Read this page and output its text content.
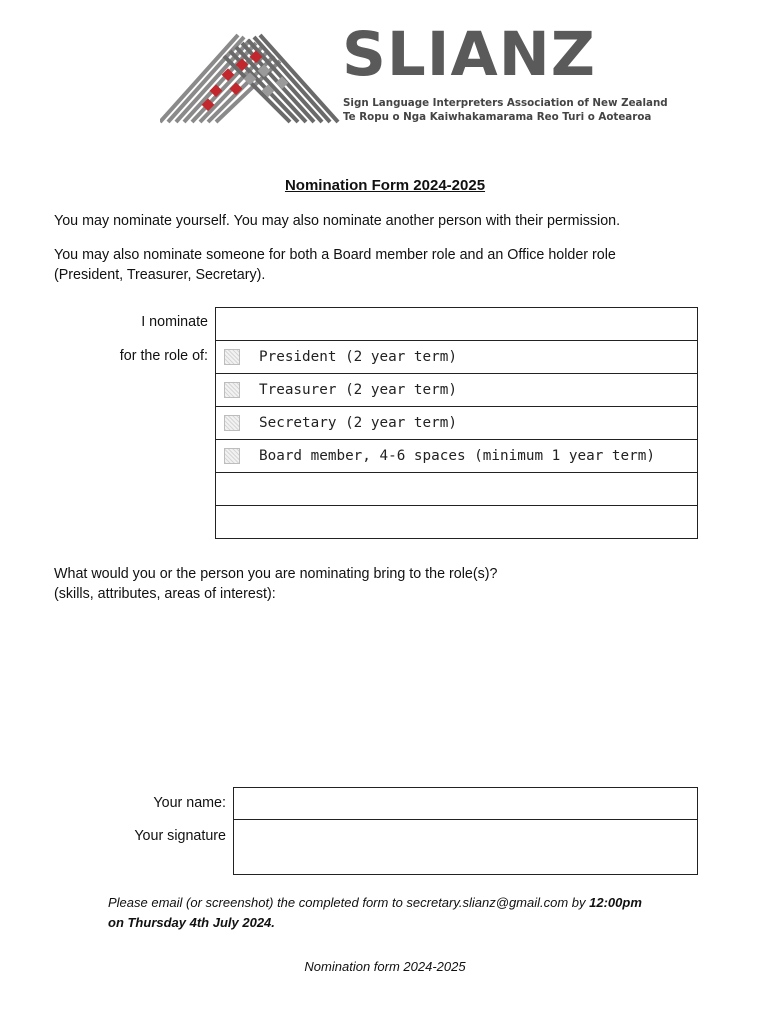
SLIANZ
Sign Language Interpreters Association of New Zealand
Te Ropu o Nga Kaiwhakamarama Reo Turi o Aotearoa
Nomination Form 2024-2025
You may nominate yourself. You may also nominate another person with their permission.
You may also nominate someone for both a Board member role and an Office holder role
(President, Treasurer, Secretary).
I nominate
for the role of:	President (2 year term)
Treasurer (2 year term)
Secretary (2 year term)
Board member, 4-6 spaces (minimum 1 year term)
What would you or the person you are nominating bring to the role(s)?
(skills, attributes, areas of interest):
Your name:
Your signature
Please email (or screenshot) the completed form to secretary.slianz@gmail.com by 12:00pm
on Thursday 4th July 2024.
Nomination form 2024-2025
